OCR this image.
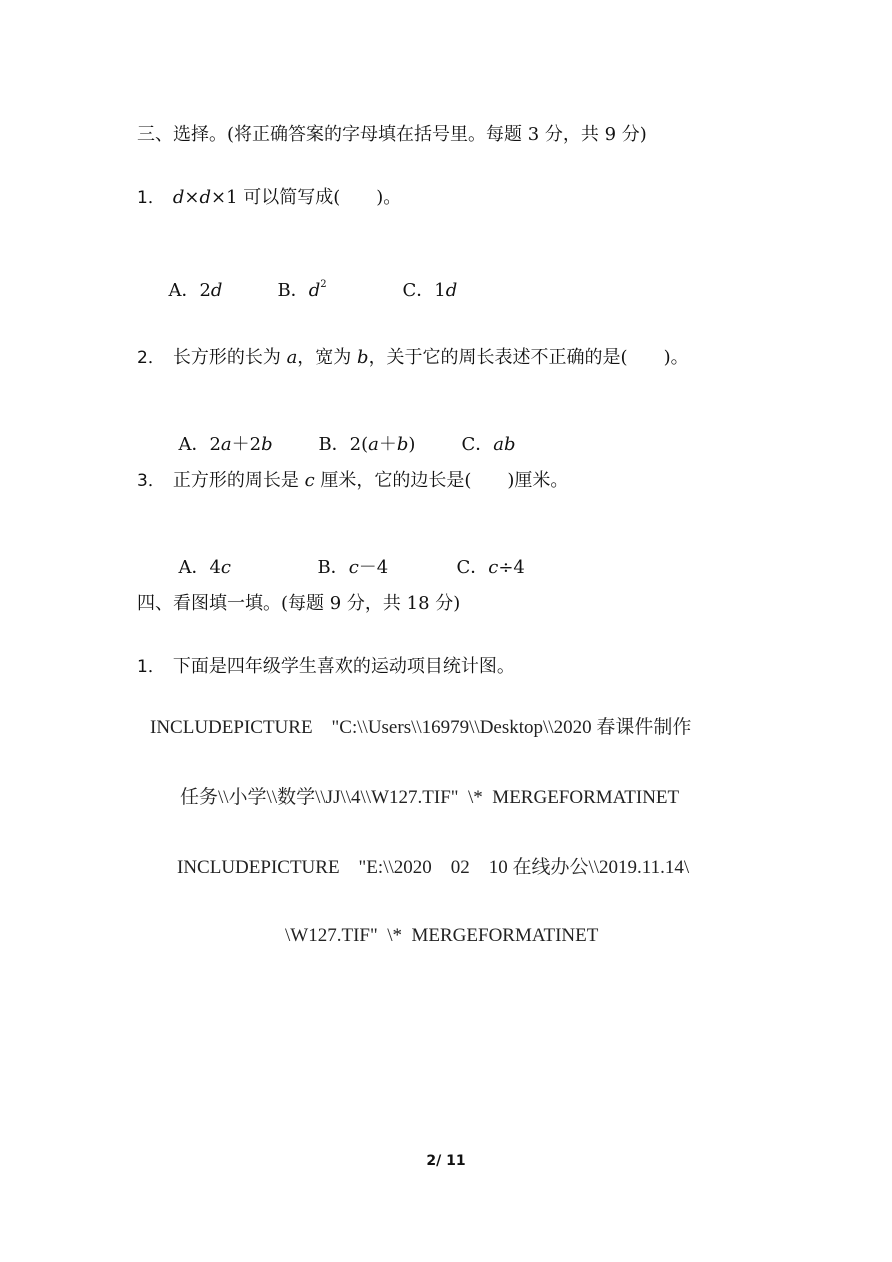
三、选择。(将正确答案的字母填在括号里。每题 3 分，共 9 分)
1． d×d×1 可以简写成(　　)。

A．2d	B．$d^2$	C．1d

2． 长方形的长为 a，宽为 b，关于它的周长表述不正确的是(　　)。

A．2a＋2b	B．2(a＋b)	C．ab

3． 正方形的周长是 c 厘米，它的边长是(　　)厘米。

A．4c	B．c－4	C．c÷4

四、看图填一填。(每题 9 分，共 18 分)
1． 下面是四年级学生喜欢的运动项目统计图。
INCLUDEPICTURE    "C:\\Users\\16979\\Desktop\\2020 春课件制作
任务\\小学\\数学\\JJ\\4\\W127.TIF"  \*  MERGEFORMATINET
INCLUDEPICTURE    "E:\\2020    02    10 在线办公\\2019.11.14\
\W127.TIF"  \*  MERGEFORMATINET
2/ 11
